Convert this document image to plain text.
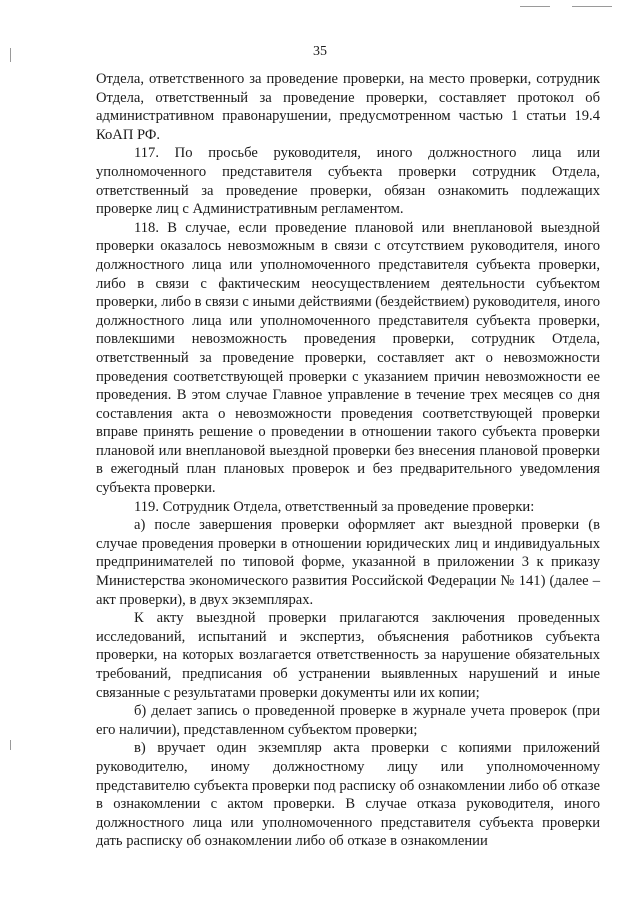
35

Отдела, ответственного за проведение проверки, на место проверки, сотрудник Отдела, ответственный за проведение проверки, составляет протокол об административном правонарушении, предусмотренном частью 1 статьи 19.4 КоАП РФ.

117. По просьбе руководителя, иного должностного лица или уполномоченного представителя субъекта проверки сотрудник Отдела, ответственный за проведение проверки, обязан ознакомить подлежащих проверке лиц с Административным регламентом.

118. В случае, если проведение плановой или внеплановой выездной проверки оказалось невозможным в связи с отсутствием руководителя, иного должностного лица или уполномоченного представителя субъекта проверки, либо в связи с фактическим неосуществлением деятельности субъектом проверки, либо в связи с иными действиями (бездействием) руководителя, иного должностного лица или уполномоченного представителя субъекта проверки, повлекшими невозможность проведения проверки, сотрудник Отдела, ответственный за проведение проверки, составляет акт о невозможности проведения соответствующей проверки с указанием причин невозможности ее проведения. В этом случае Главное управление в течение трех месяцев со дня составления акта о невозможности проведения соответствующей проверки вправе принять решение о проведении в отношении такого субъекта проверки плановой или внеплановой выездной проверки без внесения плановой проверки в ежегодный план плановых проверок и без предварительного уведомления субъекта проверки.

119. Сотрудник Отдела, ответственный за проведение проверки:

а) после завершения проверки оформляет акт выездной проверки (в случае проведения проверки в отношении юридических лиц и индивидуальных предпринимателей по типовой форме, указанной в приложении 3 к приказу Министерства экономического развития Российской Федерации № 141) (далее – акт проверки), в двух экземплярах.

К акту выездной проверки прилагаются заключения проведенных исследований, испытаний и экспертиз, объяснения работников субъекта проверки, на которых возлагается ответственность за нарушение обязательных требований, предписания об устранении выявленных нарушений и иные связанные с результатами проверки документы или их копии;

б) делает запись о проведенной проверке в журнале учета проверок (при его наличии), представленном субъектом проверки;

в) вручает один экземпляр акта проверки с копиями приложений руководителю, иному должностному лицу или уполномоченному представителю субъекта проверки под расписку об ознакомлении либо об отказе в ознакомлении с актом проверки. В случае отказа руководителя, иного должностного лица или уполномоченного представителя субъекта проверки дать расписку об ознакомлении либо об отказе в ознакомлении
